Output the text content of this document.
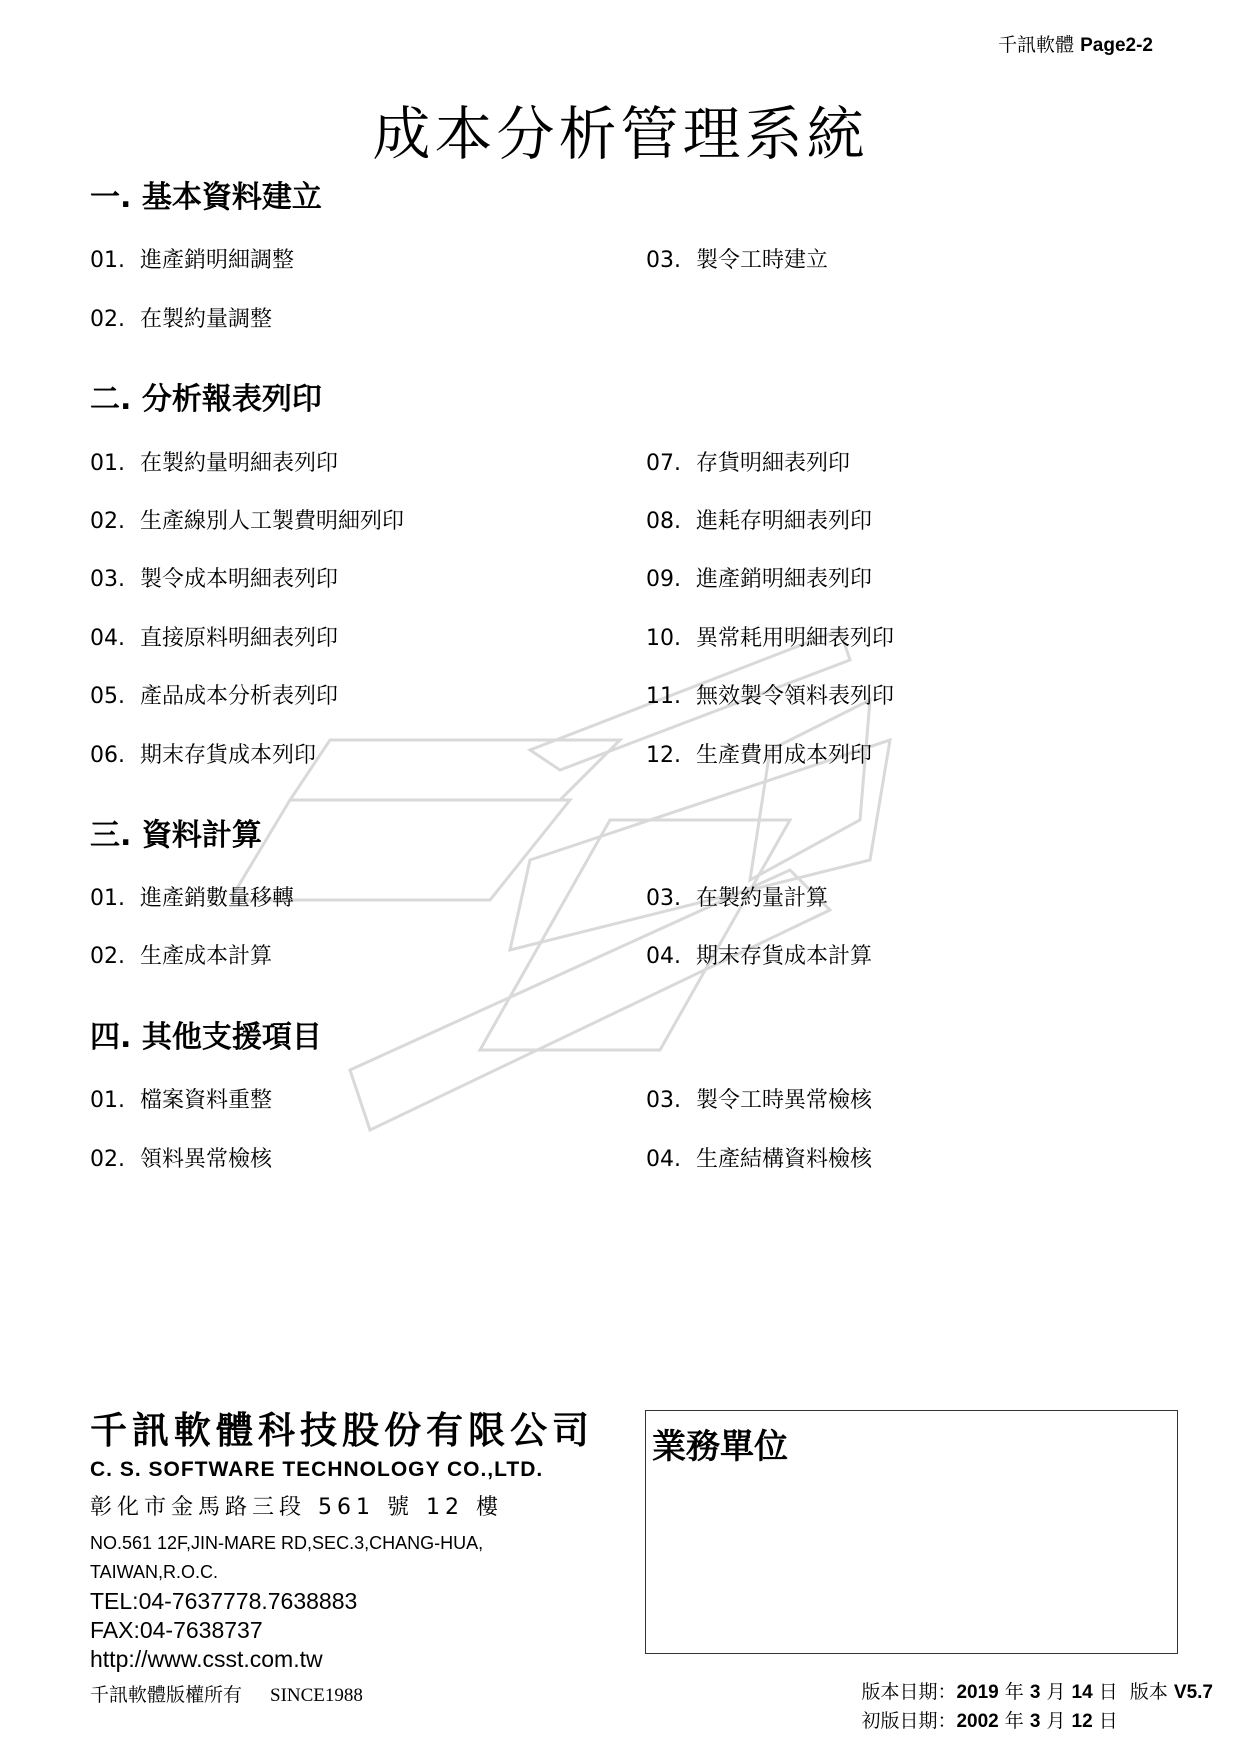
千訊軟體 Page2-2
成本分析管理系統
一. 基本資料建立
01. 進產銷明細調整
02. 在製約量調整
03. 製令工時建立
二. 分析報表列印
01. 在製約量明細表列印
02. 生產線別人工製費明細列印
03. 製令成本明細表列印
04. 直接原料明細表列印
05. 產品成本分析表列印
06. 期末存貨成本列印
07. 存貨明細表列印
08. 進耗存明細表列印
09. 進產銷明細表列印
10. 異常耗用明細表列印
11. 無效製令領料表列印
12. 生產費用成本列印
三. 資料計算
01. 進產銷數量移轉
02. 生產成本計算
03. 在製約量計算
04. 期末存貨成本計算
四. 其他支援項目
01. 檔案資料重整
02. 領料異常檢核
03. 製令工時異常檢核
04. 生產結構資料檢核
千訊軟體科技股份有限公司
C. S. SOFTWARE TECHNOLOGY CO.,LTD.
彰化市金馬路三段 561 號 12 樓
NO.561 12F,JIN-MARE RD,SEC.3,CHANG-HUA, TAIWAN,R.O.C.
TEL:04-7637778.7638883
FAX:04-7638737
http://www.csst.com.tw
業務單位
千訊軟體版權所有 SINCE1988	版本日期：2019 年 3 月 14 日 版本 V5.7
初版日期：2002 年 3 月 12 日
